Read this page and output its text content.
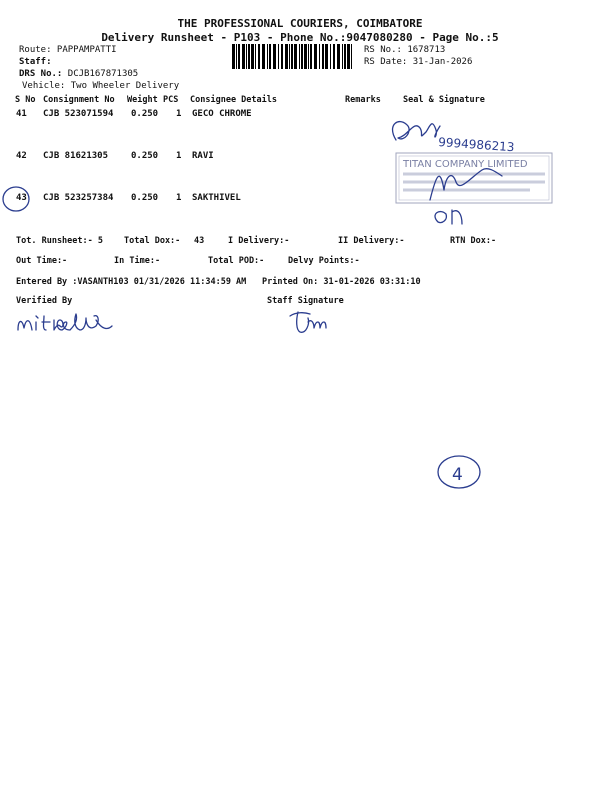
THE PROFESSIONAL COURIERS, COIMBATORE
Delivery Runsheet - P103 - Phone No.:9047080280 - Page No.:5
Route: PAPPAMPATTI
Staff:
DRS No.: DCJB167871305
Vehicle: Two Wheeler Delivery
RS No.: 1678713
RS Date: 31-Jan-2026
S No Consignment No Weight PCS Consignee Details	Remarks	Seal & Signature
41 CJB 523071594 0.250 1 GECO CHROME
42 CJB 81621305	0.250 1 RAVI
43 CJB 523257384 0.250 1 SAKTHIVEL
Tot. Runsheet:- 5 Total Dox:- 43	I Delivery:-	II Delivery:-	RTN Dox:-
Out Time:-	In Time:-	Total POD:-	Delvy Points:-
Entered By :VASANTH103 01/31/2026 11:34:59 AM Printed On: 31-01-2026 03:31:10
Verified By	Staff Signature
9994986213
TITAN COMPANY LIMITED
4
